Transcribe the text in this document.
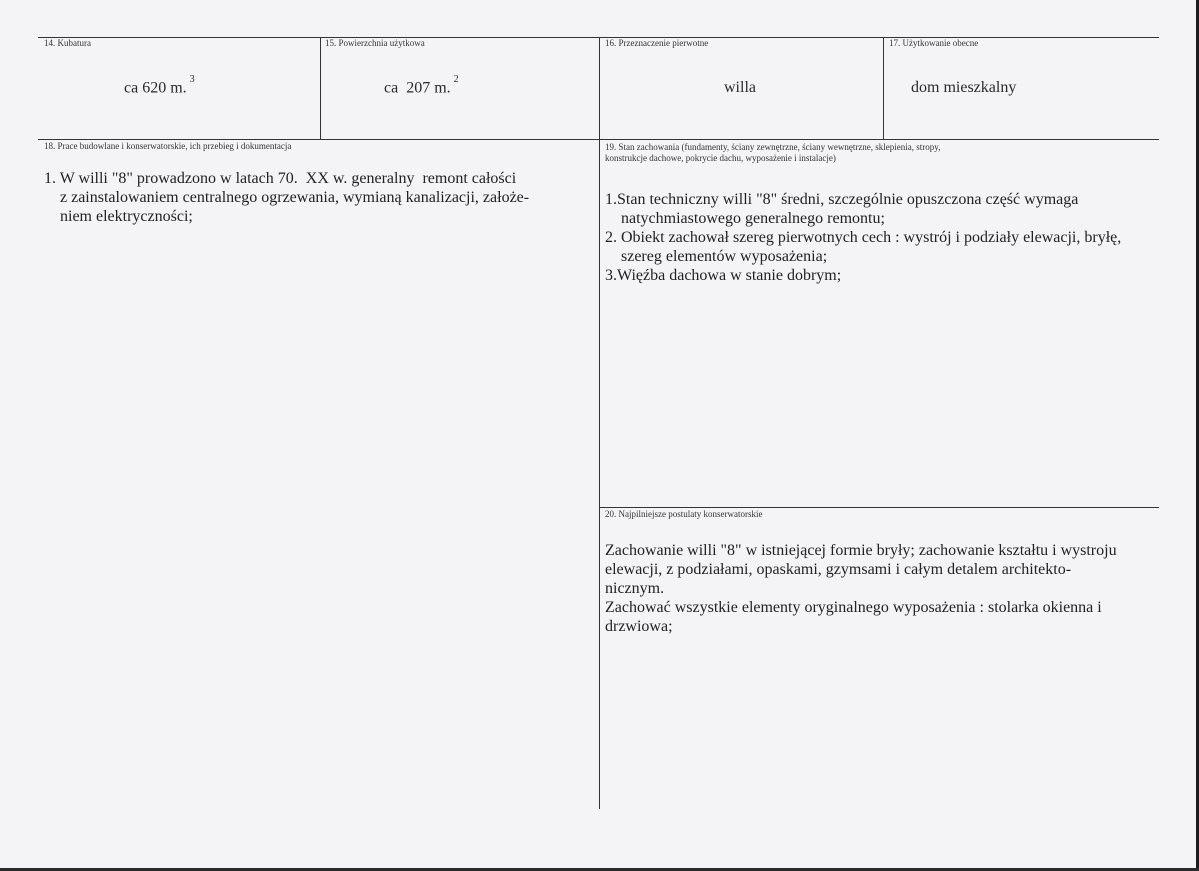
14. Kubatura
ca 620 m. $^3$
15. Powierzchnia użytkowa
ca  207 m. $^2$
16. Przeznaczenie pierwotne
willa
17. Użytkowanie obecne
dom mieszkalny
18. Prace budowlane i konserwatorskie, ich przebieg i dokumentacja
1. W willi "8" prowadzono w latach 70.  XX w. generalny  remont całości
z zainstalowaniem centralnego ogrzewania, wymianą kanalizacji, założe-
niem elektryczności;
19. Stan zachowania (fundamenty, ściany zewnętrzne, ściany wewnętrzne, sklepienia, stropy,
konstrukcje dachowe, pokrycie dachu, wyposażenie i instalacje)
1.Stan techniczny willi "8" średni, szczególnie opuszczona część wymaga
natychmiastowego generalnego remontu;
2. Obiekt zachował szereg pierwotnych cech : wystrój i podziały elewacji, bryłę,
szereg elementów wyposażenia;
3.Więźba dachowa w stanie dobrym;
20. Najpilniejsze postulaty konserwatorskie
Zachowanie willi "8" w istniejącej formie bryły; zachowanie kształtu i wystroju
elewacji, z podziałami, opaskami, gzymsami i całym detalem architekto-
nicznym.
Zachować wszystkie elementy oryginalnego wyposażenia : stolarka okienna i
drzwiowa;
